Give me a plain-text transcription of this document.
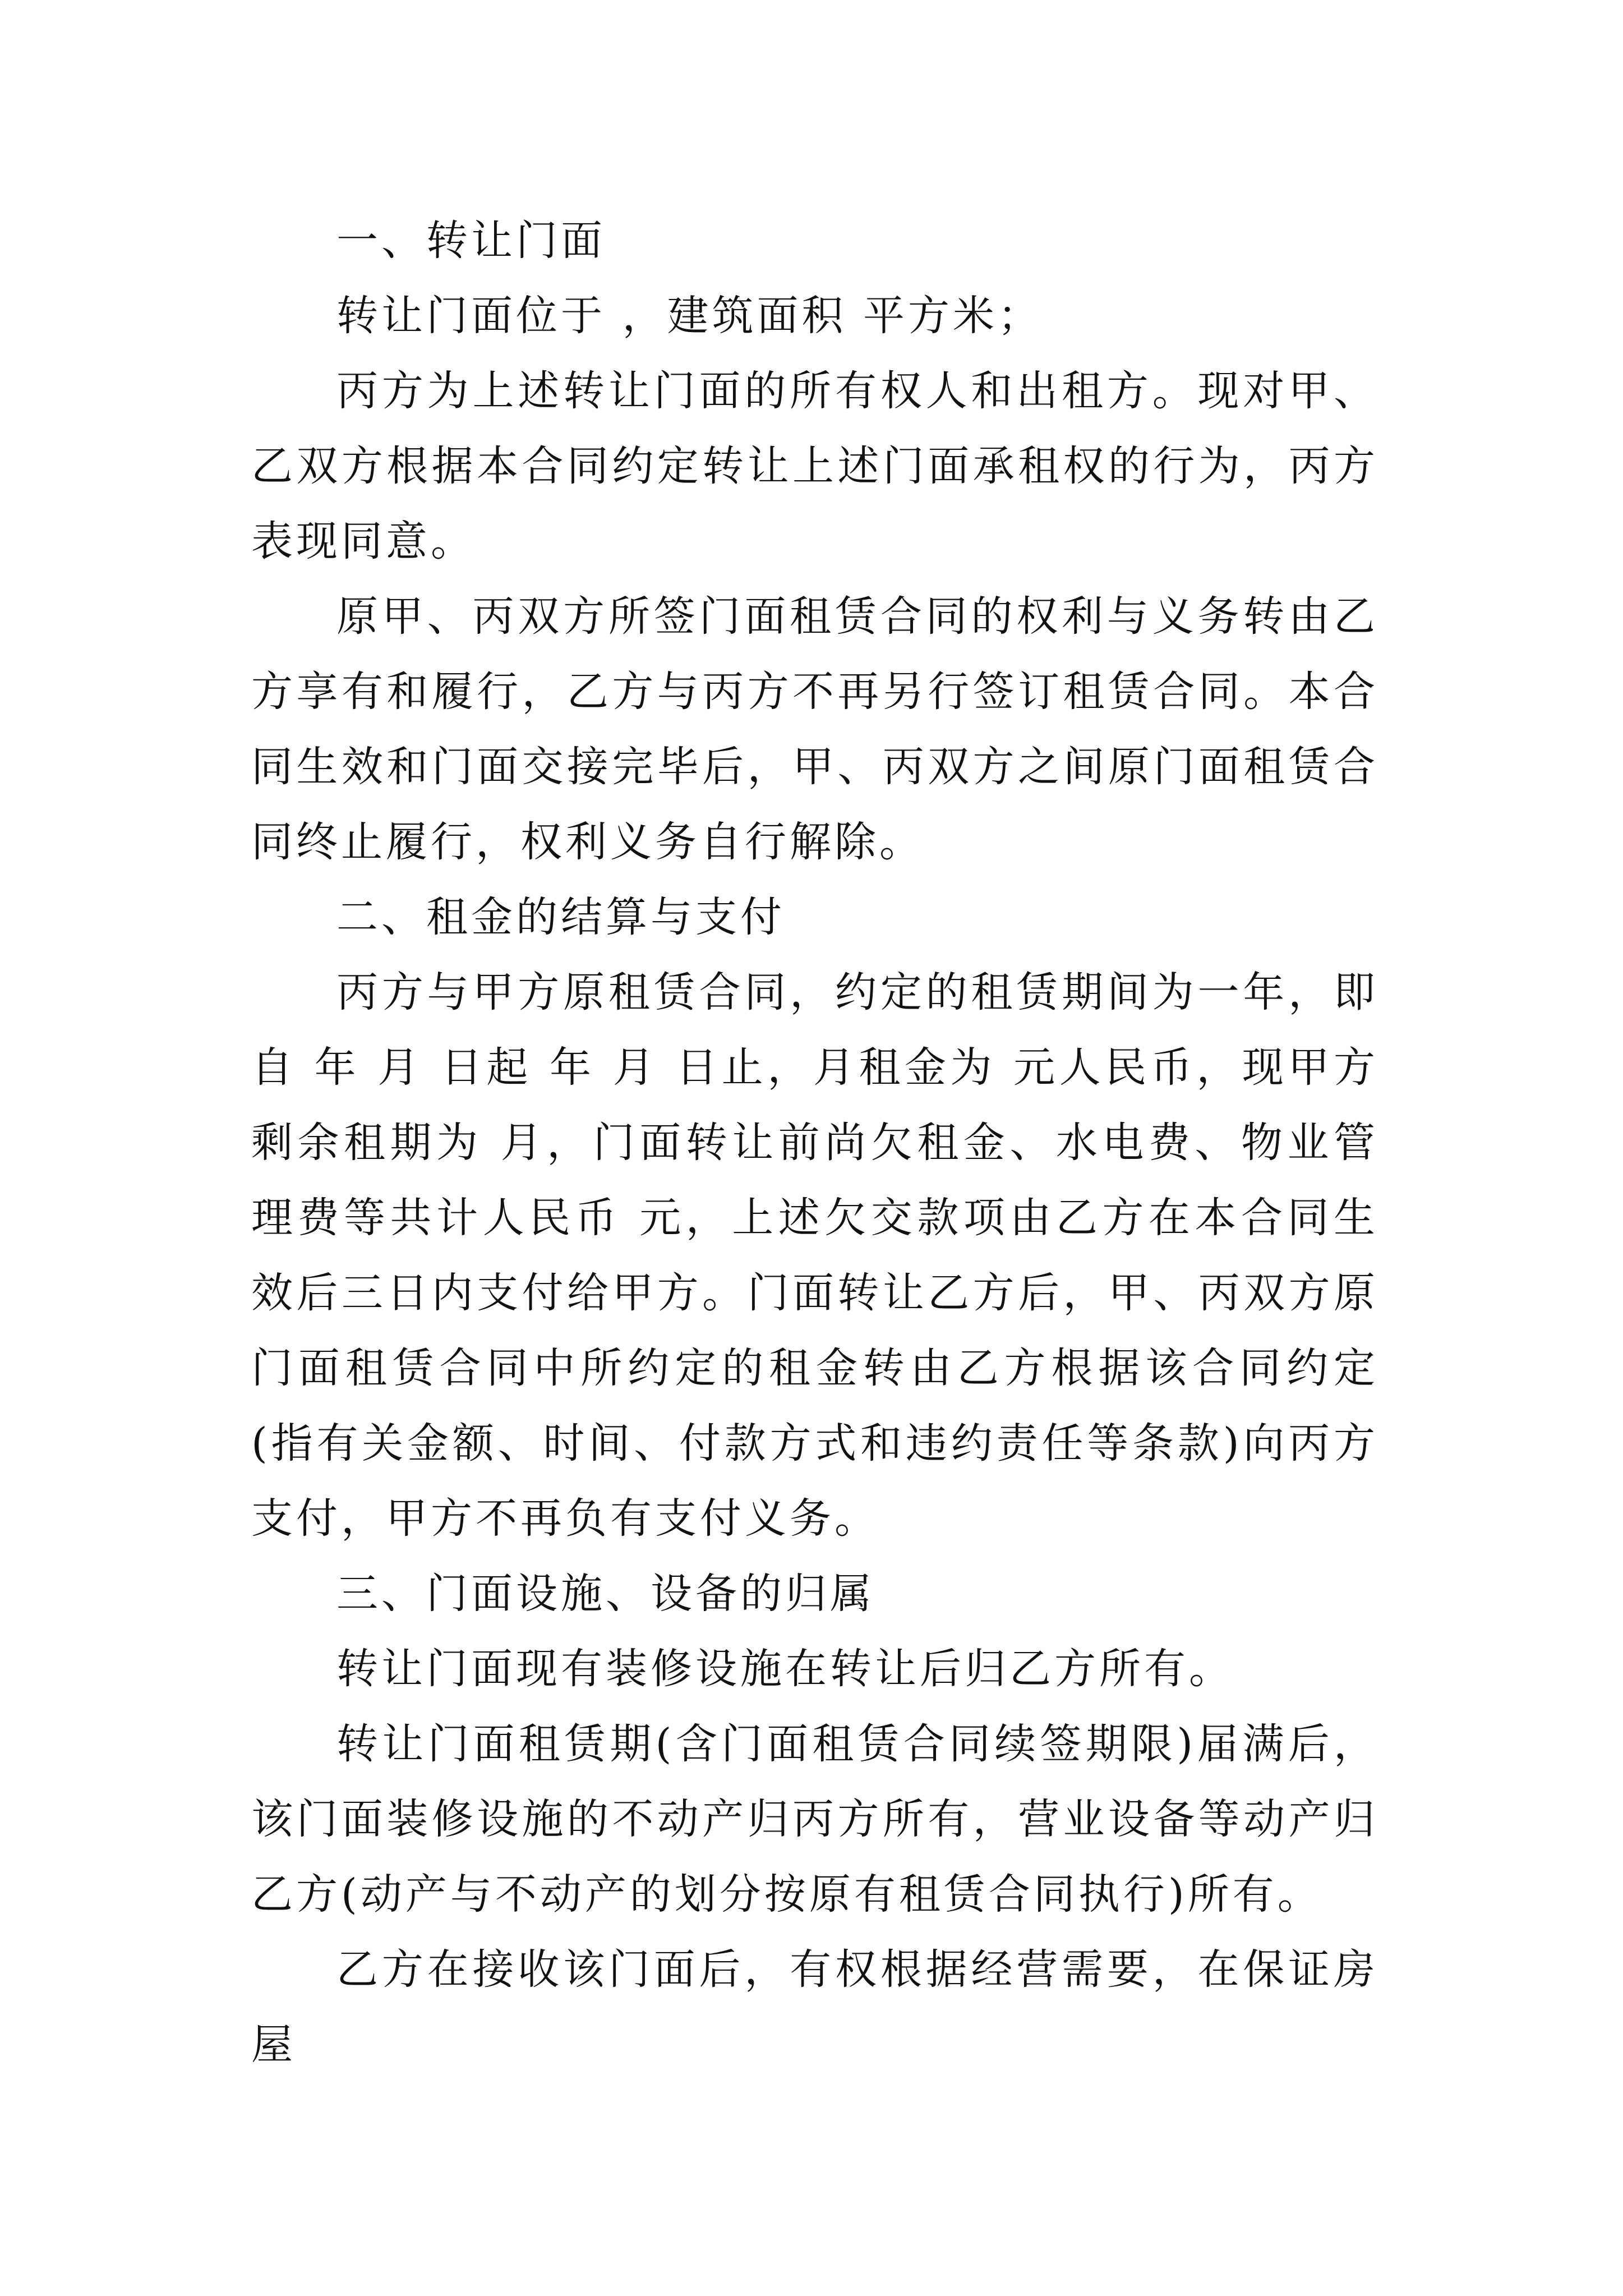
一、转让门面

转让门面位于 ，建筑面积 平方米；

丙方为上述转让门面的所有权人和出租方。现对甲、乙双方根据本合同约定转让上述门面承租权的行为，丙方表现同意。

原甲、丙双方所签门面租赁合同的权利与义务转由乙方享有和履行，乙方与丙方不再另行签订租赁合同。本合同生效和门面交接完毕后，甲、丙双方之间原门面租赁合同终止履行，权利义务自行解除。

二、租金的结算与支付

丙方与甲方原租赁合同，约定的租赁期间为一年，即自 年 月 日起 年 月 日止，月租金为 元人民币，现甲方剩余租期为 月，门面转让前尚欠租金、水电费、物业管理费等共计人民币 元，上述欠交款项由乙方在本合同生效后三日内支付给甲方。门面转让乙方后，甲、丙双方原门面租赁合同中所约定的租金转由乙方根据该合同约定(指有关金额、时间、付款方式和违约责任等条款)向丙方支付，甲方不再负有支付义务。

三、门面设施、设备的归属

转让门面现有装修设施在转让后归乙方所有。

转让门面租赁期(含门面租赁合同续签期限)届满后，该门面装修设施的不动产归丙方所有，营业设备等动产归乙方(动产与不动产的划分按原有租赁合同执行)所有。

乙方在接收该门面后，有权根据经营需要，在保证房屋
